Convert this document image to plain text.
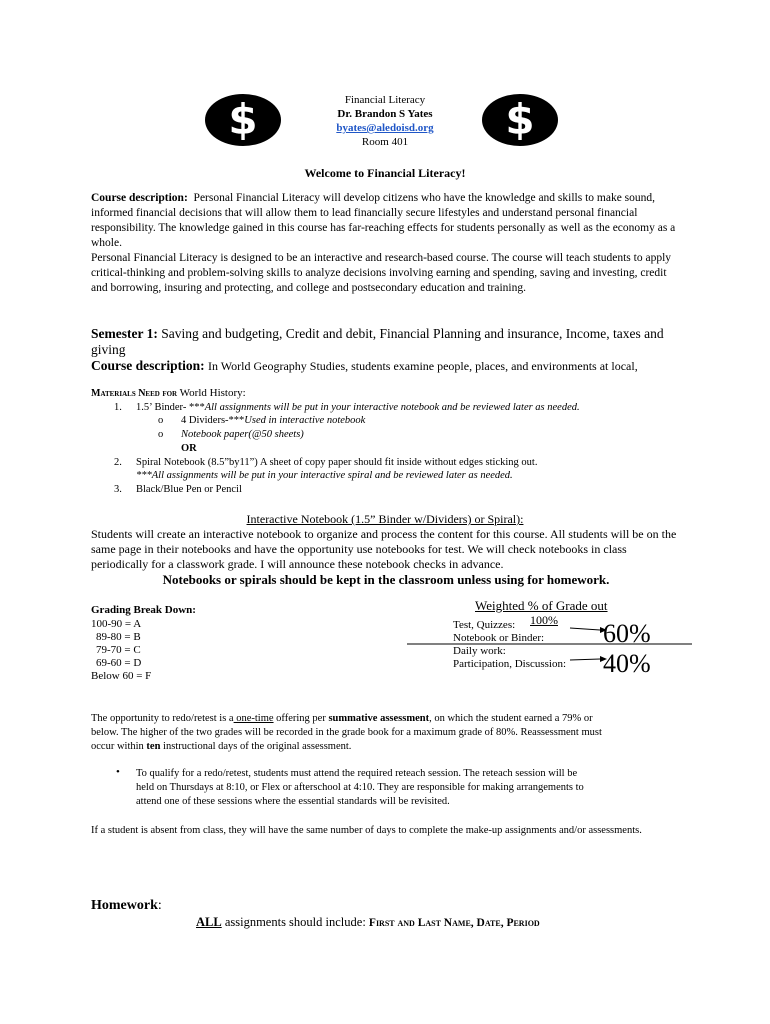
$	$
Financial Literacy
Dr. Brandon S Yates
byates@aledoisd.org
Room 401
Welcome to Financial Literacy!
Course description: Personal Financial Literacy will develop citizens who have the knowledge and skills to make sound, informed financial decisions that will allow them to lead financially secure lifestyles and understand personal financial responsibility. The knowledge gained in this course has far-reaching effects for students personally as well as the economy as a whole.
Personal Financial Literacy is designed to be an interactive and research-based course. The course will teach students to apply critical-thinking and problem-solving skills to analyze decisions involving earning and spending, saving and investing, credit and borrowing, insuring and protecting, and college and postsecondary education and training.
Semester 1: Saving and budgeting, Credit and debit, Financial Planning and insurance, Income, taxes and giving
Course description: In World Geography Studies, students examine people, places, and environments at local,
Materials Need for World History:
1. 1.5’ Binder- ***All assignments will be put in your interactive notebook and be reviewed later as needed.
o 4 Dividers-***Used in interactive notebook
o Notebook paper(@50 sheets)
OR
2. Spiral Notebook (8.5”by11”) A sheet of copy paper should fit inside without edges sticking out.
***All assignments will be put in your interactive spiral and be reviewed later as needed.
3. Black/Blue Pen or Pencil
Interactive Notebook (1.5” Binder w/Dividers) or Spiral):
Students will create an interactive notebook to organize and process the content for this course. All students will be on the same page in their notebooks and have the opportunity use notebooks for test. We will check notebooks in class periodically for a classwork grade. I will announce these notebook checks in advance.
Notebooks or spirals should be kept in the classroom unless using for homework.
Grading Break Down:
100-90 = A
89-80 = B
79-70 = C
69-60 = D
Below 60 = F
Weighted % of Grade out
100%
Test, Quizzes:
Notebook or Binder:
Daily work:
Participation, Discussion:
60%
40%
The opportunity to redo/retest is a one-time offering per summative assessment, on which the student earned a 79% or below. The higher of the two grades will be recorded in the grade book for a maximum grade of 80%. Reassessment must occur within ten instructional days of the original assessment.
• To qualify for a redo/retest, students must attend the required reteach session. The reteach session will be held on Thursdays at 8:10, or Flex or afterschool at 4:10. They are responsible for making arrangements to attend one of these sessions where the essential standards will be revisited.
If a student is absent from class, they will have the same number of days to complete the make-up assignments and/or assessments.
Homework:
ALL assignments should include: First and Last Name, Date, Period
